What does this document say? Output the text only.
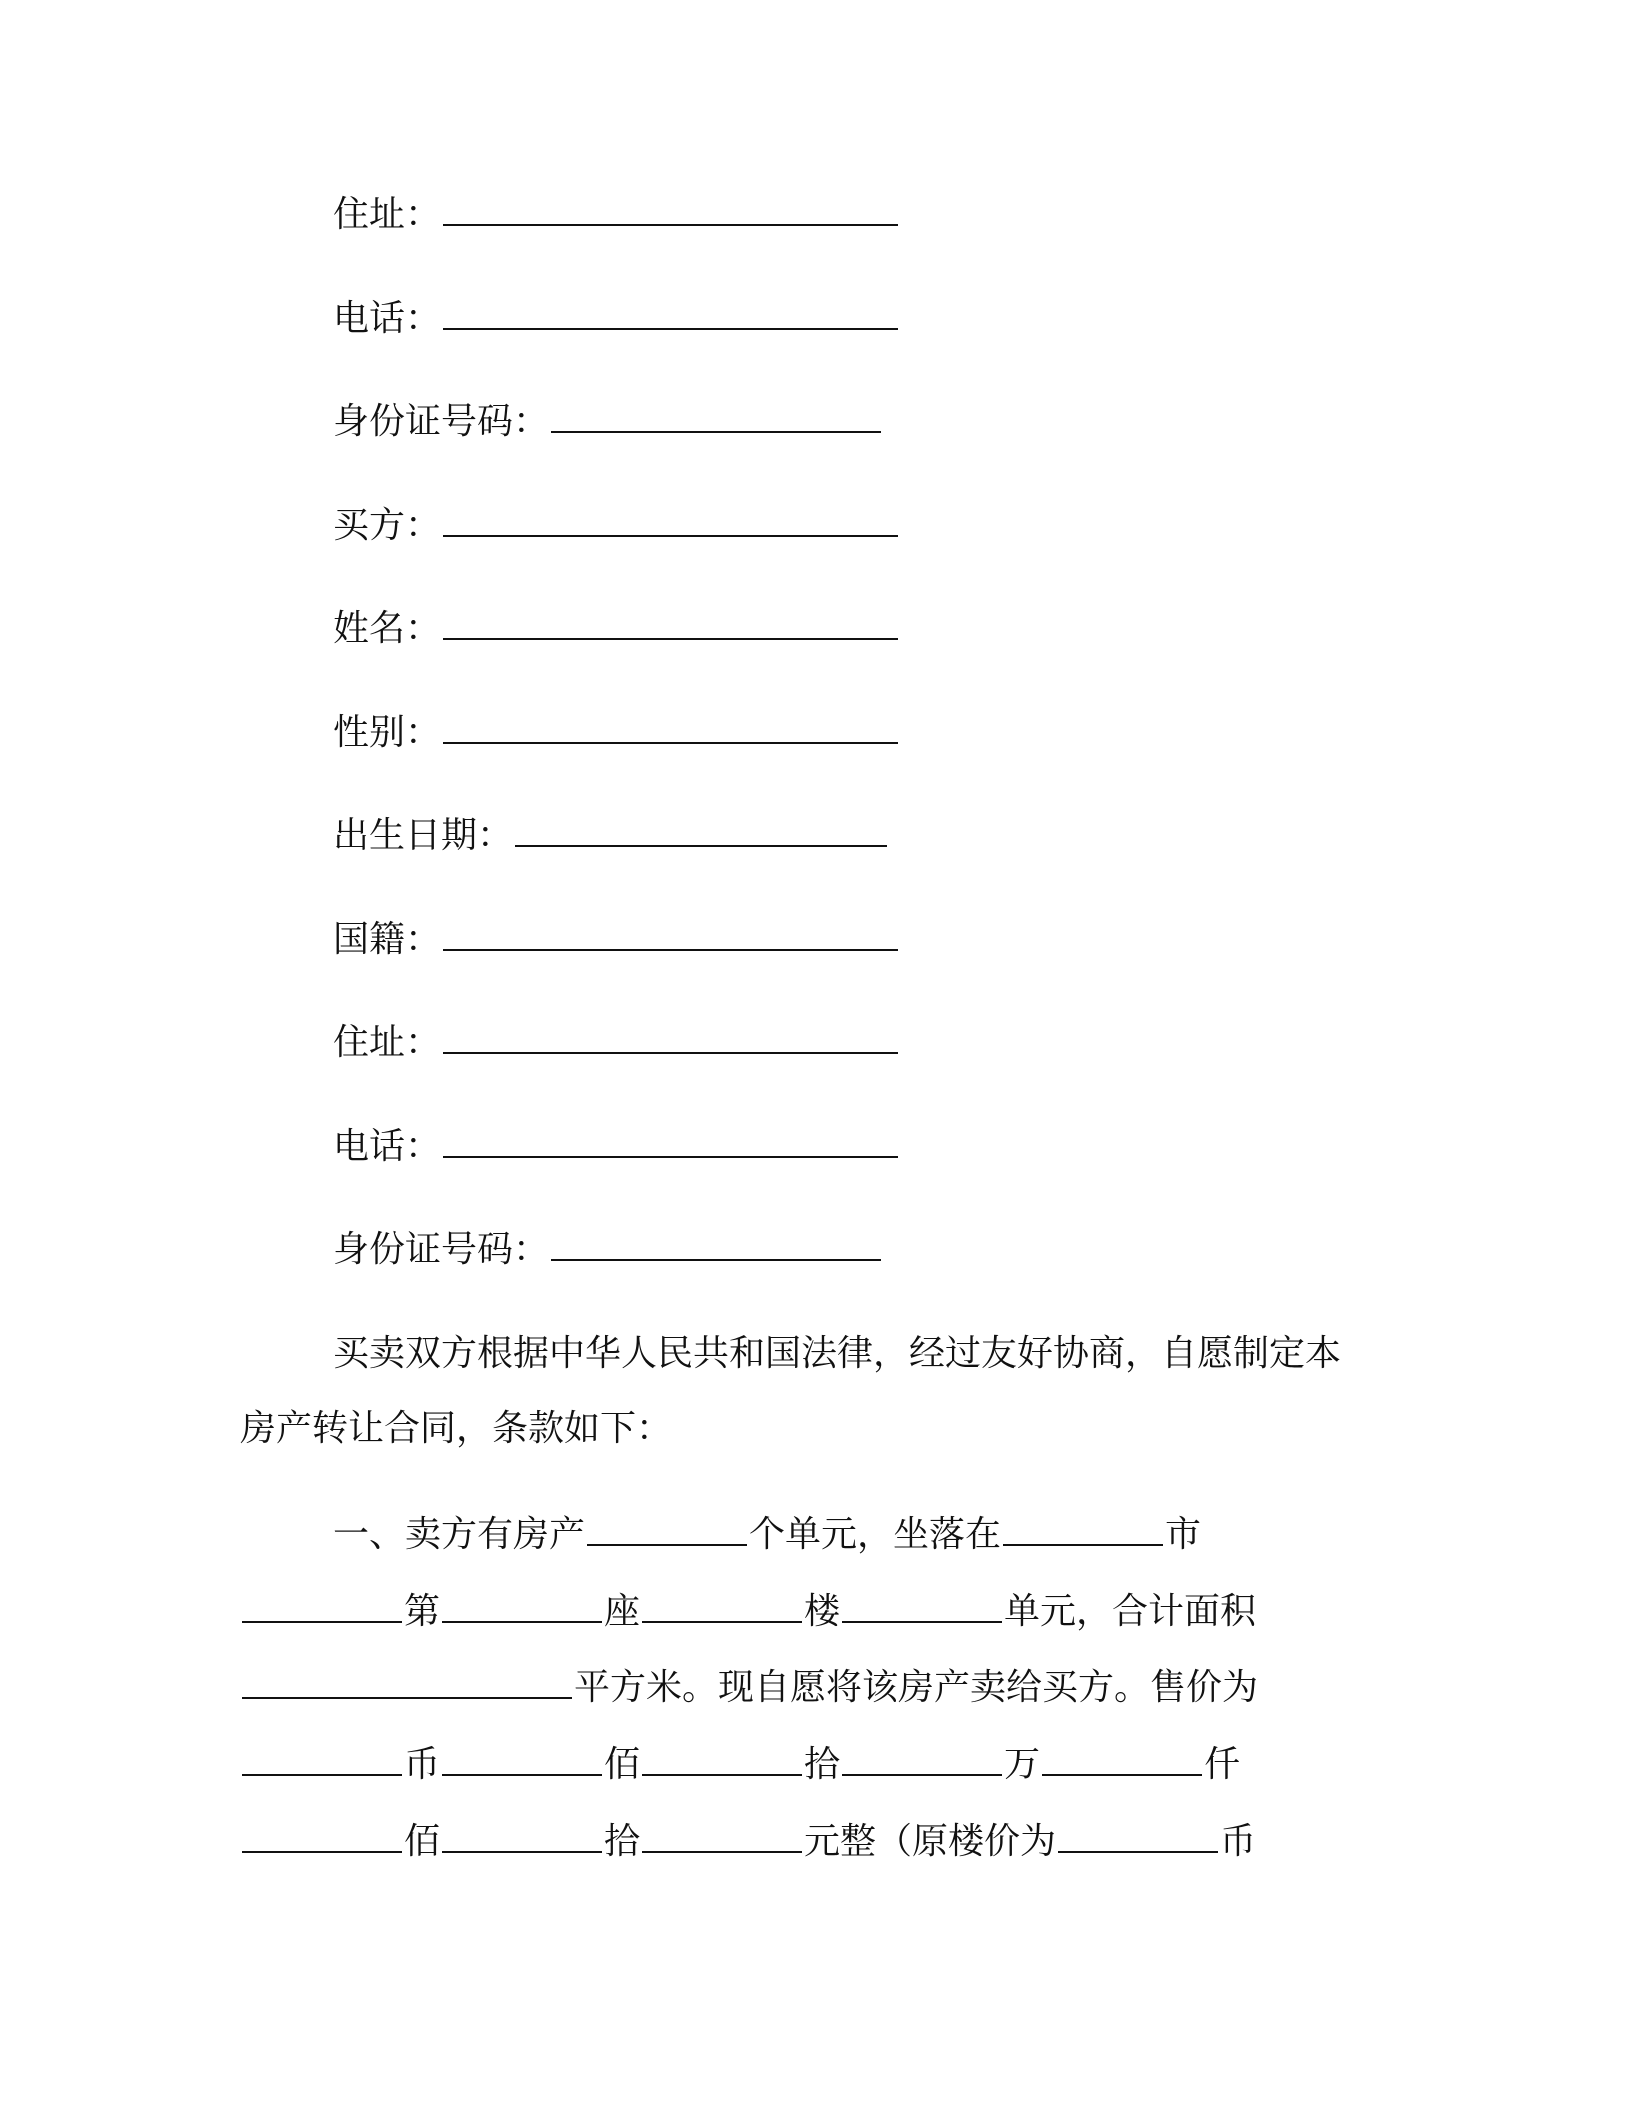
住址：
电话：
身份证号码：
买方：
姓名：
性别：
出生日期：
国籍：
住址：
电话：
身份证号码：
买卖双方根据中华人民共和国法律，经过友好协商，自愿制定本
房产转让合同，条款如下：
一、卖方有房产	个单元，坐落在	市
第	座	楼	单元，合计面积
平方米。现自愿将该房产卖给买方。售价为
币	佰	拾	万	仟
佰	拾	元整（原楼价为	币
